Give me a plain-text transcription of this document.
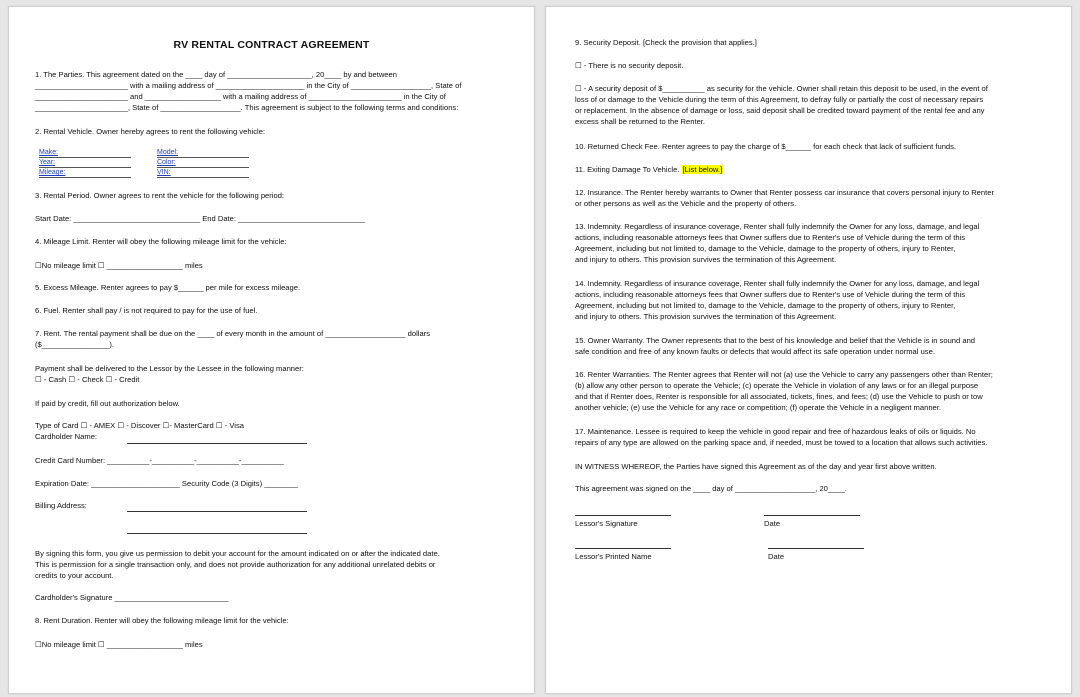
RV RENTAL CONTRACT AGREEMENT
1. The Parties. This agreement dated on the ____ day of ____________________, 20____ by and between
______________________ with a mailing address of _____________________ in the City of ___________________, State of
______________________ and __________________ with a mailing address of ______________________ in the City of
______________________, State of ___________________. This agreement is subject to the following terms and conditions:
2. Rental Vehicle. Owner hereby agrees to rent the following vehicle:
Make:	Model:
Year:	Color:
Mileage:	VIN:
3. Rental Period. Owner agrees to rent the vehicle for the following period:
Start Date: ______________________________ End Date: ______________________________
4. Mileage Limit. Renter will obey the following mileage limit for the vehicle:
☐No mileage limit ☐ __________________ miles
5. Excess Mileage. Renter agrees to pay $______ per mile for excess mileage.
6. Fuel. Renter shall pay / is not required to pay for the use of fuel.
7. Rent. The rental payment shall be due on the ____ of every month in the amount of ___________________ dollars
($________________).
Payment shall be delivered to the Lessor by the Lessee in the following manner:
☐ - Cash ☐ - Check ☐ - Credit
If paid by credit, fill out authorization below.
Type of Card ☐ - AMEX ☐ - Discover ☐- MasterCard ☐ - Visa
Cardholder Name:
Credit Card Number: __________-__________-__________-__________
Expiration Date: _____________________ Security Code (3 Digits) ________
Billing Address:
By signing this form, you give us permission to debit your account for the amount indicated on or after the indicated date.
This is permission for a single transaction only, and does not provide authorization for any additional unrelated debits or
credits to your account.
Cardholder's Signature ___________________________
8. Rent Duration. Renter will obey the following mileage limit for the vehicle:
☐No mileage limit ☐ __________________ miles
9. Security Deposit. [Check the provision that applies.]
☐ - There is no security deposit.
☐ - A security deposit of $__________ as security for the vehicle. Owner shall retain this deposit to be used, in the event of
loss of or damage to the Vehicle during the term of this Agreement, to defray fully or partially the cost of necessary repairs
or replacement. In the absence of damage or loss, said deposit shall be credited toward payment of the rental fee and any
excess shall be returned to the Renter.
10. Returned Check Fee. Renter agrees to pay the charge of $______ for each check that lack of sufficient funds.
11. Exiting Damage To Vehicle. [List below.]
12. Insurance. The Renter hereby warrants to Owner that Renter possess car insurance that covers personal injury to Renter
or other persons as well as the Vehicle and the property of others.
13. Indemnity. Regardless of insurance coverage, Renter shall fully indemnify the Owner for any loss, damage, and legal
actions, including reasonable attorneys fees that Owner suffers due to Renter's use of Vehicle during the term of this
Agreement, including but not limited to, damage to the Vehicle, damage to the property of others, injury to Renter,
and injury to others. This provision survives the termination of this Agreement.
14. Indemnity. Regardless of insurance coverage, Renter shall fully indemnify the Owner for any loss, damage, and legal
actions, including reasonable attorneys fees that Owner suffers due to Renter's use of Vehicle during the term of this
Agreement, including but not limited to, damage to the Vehicle, damage to the property of others, injury to Renter,
and injury to others. This provision survives the termination of this Agreement.
15. Owner Warranty. The Owner represents that to the best of his knowledge and belief that the Vehicle is in sound and
safe condition and free of any known faults or defects that would affect its safe operation under normal use.
16. Renter Warranties. The Renter agrees that Renter will not (a) use the Vehicle to carry any passengers other than Renter;
(b) allow any other person to operate the Vehicle; (c) operate the Vehicle in violation of any laws or for an illegal purpose
and that if Renter does, Renter is responsible for all associated, tickets, fines, and fees; (d) use the Vehicle to push or tow
another vehicle; (e) use the Vehicle for any race or competition; (f) operate the Vehicle in a negligent manner.
17. Maintenance. Lessee is required to keep the vehicle in good repair and free of hazardous leaks of oils or liquids. No
repairs of any type are allowed on the parking space and, if needed, must be towed to a location that allows such activities.
IN WITNESS WHEREOF, the Parties have signed this Agreement as of the day and year first above written.
This agreement was signed on the ____ day of ___________________, 20____.
Lessor's Signature	Date
Lessor's Printed Name	Date
